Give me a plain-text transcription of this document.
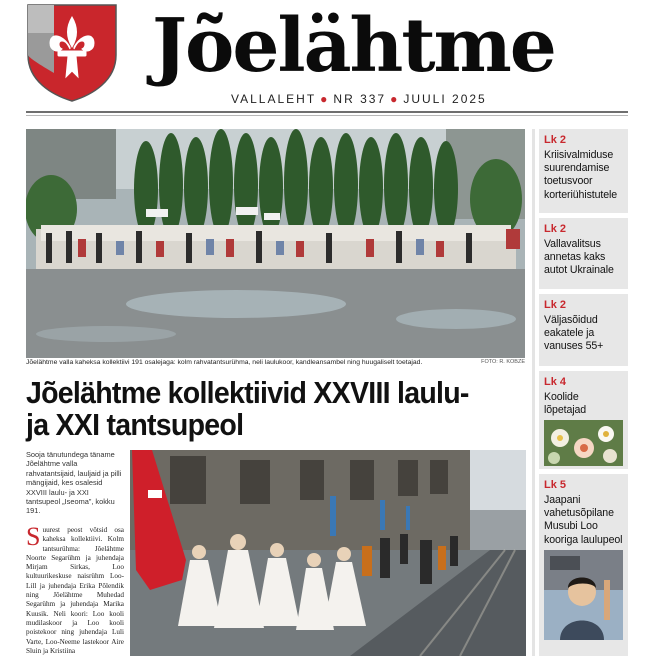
Jõelähtme
VALLALEHT ● NR 337 ● JUULI 2025
Jõelähtme valla kaheksa kollektiivi 191 osalejaga: kolm rahvatantsurühma, neli laulukoor, kandleansambel ning huugaliselt toetajad.	FOTO: R. KOBZE
Jõelähtme kollektiivid XXVIII laulu- ja XXI tantsupeol
Sooja tänutundega täname Jõelähtme valla rahvatantsijaid, lauljaid ja pilli mängijaid, kes osalesid XXVIII laulu- ja XXI tantsupeol „Iseoma”, kokku 191.
Suurest peost võtsid osa kaheksa kollektiivi. Kolm tantsurühma: Jõelähtme Noorte Segarühm ja juhendaja Mirjam Sirkas, Loo kultuurikeskuse naisrühm Loo-Lill ja juhendaja Erika Põlendik ning Jõelähtme Muhedad Segarühm ja juhendaja Marika Kuusik. Neli koori: Loo kooli mudilaskoor ja Loo kooli poistekoor ning juhendaja Luli Varte, Loo-Neeme lastekoor Aire Sluin ja Kristiina
Lk 2
Kriisivalmiduse suurendamise toetusvoor korteriühistutele
Lk 2
Vallavalitsus annetas kaks autot Ukrainale
Lk 2
Väljasõidud eakatele ja vanuses 55+
Lk 4
Koolide lõpetajad
Lk 5
Jaapani vahetusõpilane Musubi Loo kooriga laulupeol
